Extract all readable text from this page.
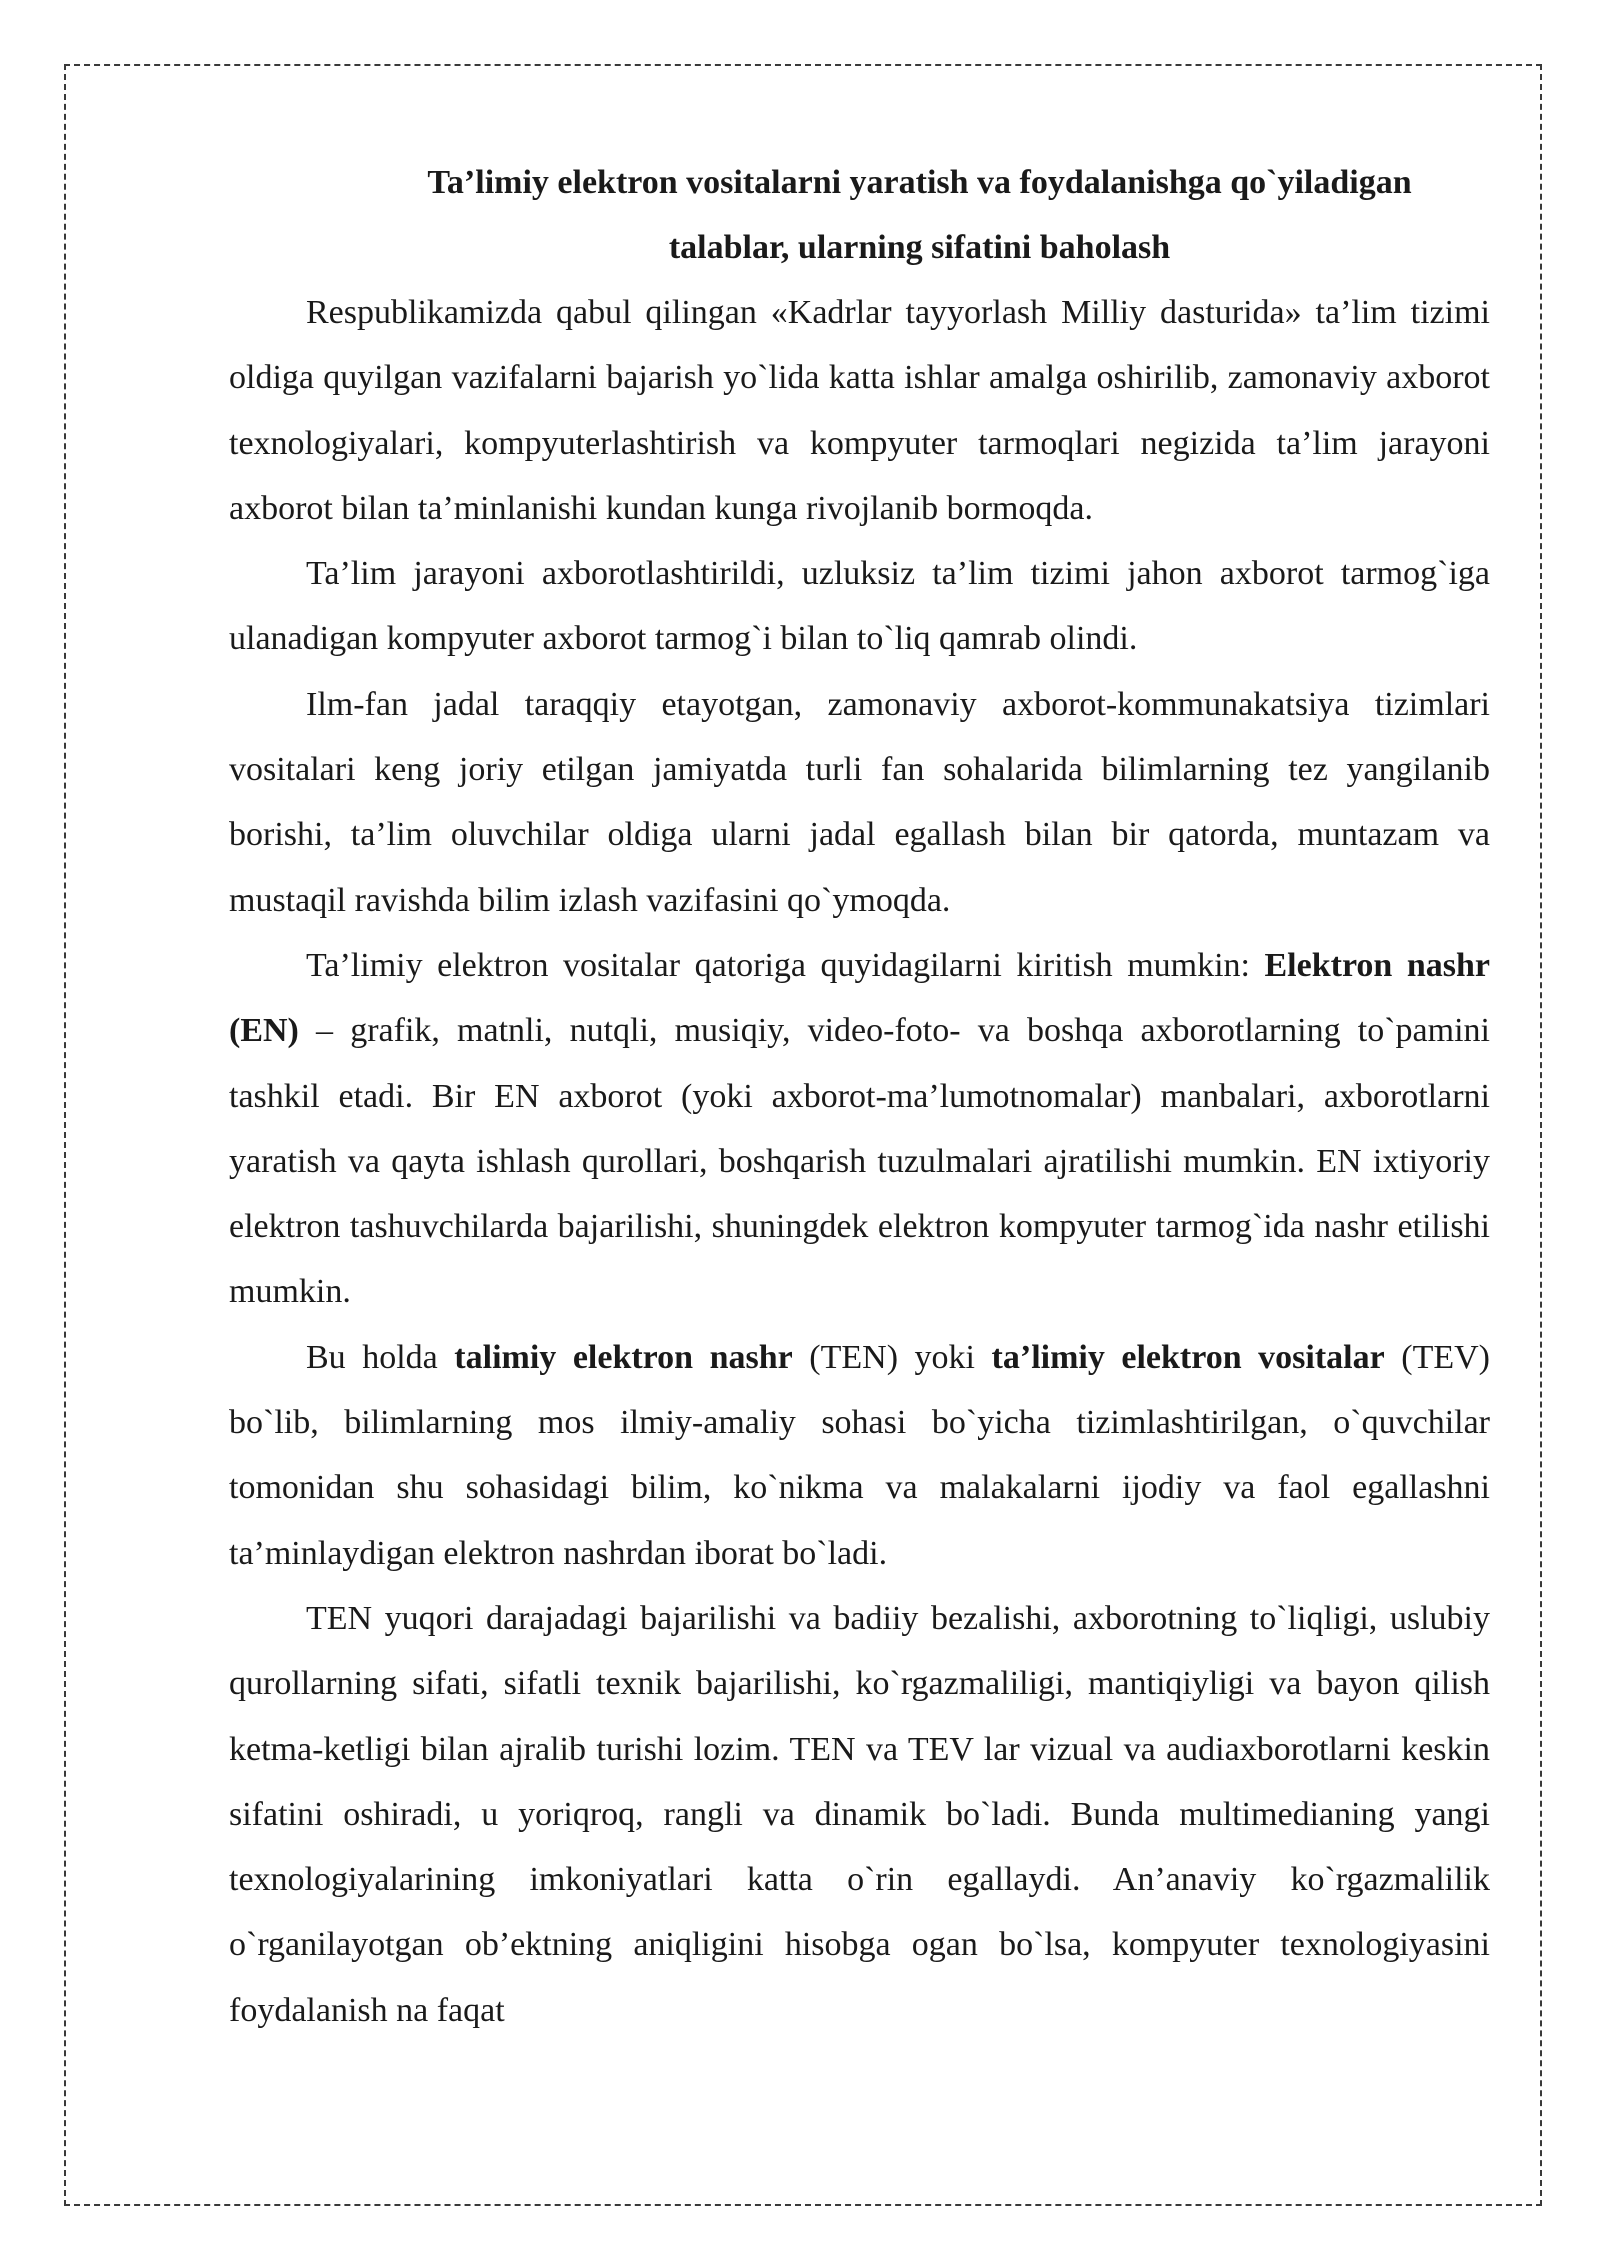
Ta’limiy elektron vositalarni yaratish va foydalanishga qo`yiladigan
talablar, ularning sifatini baholash

Respublikamizda qabul qilingan «Kadrlar tayyorlash Milliy dasturida» ta’lim tizimi oldiga quyilgan vazifalarni bajarish yo`lida katta ishlar amalga oshirilib, zamonaviy axborot texnologiyalari, kompyuterlashtirish va kompyuter tarmoqlari negizida ta’lim jarayoni axborot bilan ta’minlanishi kundan kunga rivojlanib bormoqda.

Ta’lim jarayoni axborotlashtirildi, uzluksiz ta’lim tizimi jahon axborot tarmog`iga ulanadigan kompyuter axborot tarmog`i bilan to`liq qamrab olindi.

Ilm-fan jadal taraqqiy etayotgan, zamonaviy axborot-kommunakatsiya tizimlari vositalari keng joriy etilgan jamiyatda turli fan sohalarida bilimlarning tez yangilanib borishi, ta’lim oluvchilar oldiga ularni jadal egallash bilan bir qatorda, muntazam va mustaqil ravishda bilim izlash vazifasini qo`ymoqda.

Ta’limiy elektron vositalar qatoriga quyidagilarni kiritish mumkin: Elektron nashr (EN) – grafik, matnli, nutqli, musiqiy, video-foto- va boshqa axborotlarning to`pamini tashkil etadi. Bir EN axborot (yoki axborot-ma’lumotnomalar) manbalari, axborotlarni yaratish va qayta ishlash qurollari, boshqarish tuzulmalari ajratilishi mumkin. EN ixtiyoriy elektron tashuvchilarda bajarilishi, shuningdek elektron kompyuter tarmog`ida nashr etilishi mumkin.

Bu holda talimiy elektron nashr (TEN) yoki ta’limiy elektron vositalar (TEV) bo`lib, bilimlarning mos ilmiy-amaliy sohasi bo`yicha tizimlashtirilgan, o`quvchilar tomonidan shu sohasidagi bilim, ko`nikma va malakalarni ijodiy va faol egallashni ta’minlaydigan elektron nashrdan iborat bo`ladi.

TEN yuqori darajadagi bajarilishi va badiiy bezalishi, axborotning to`liqligi, uslubiy qurollarning sifati, sifatli texnik bajarilishi, ko`rgazmaliligi, mantiqiyligi va bayon qilish ketma-ketligi bilan ajralib turishi lozim. TEN va TEV lar vizual va audiaxborotlarni keskin sifatini oshiradi, u yoriqroq, rangli va dinamik bo`ladi. Bunda multimedianing yangi texnologiyalarining imkoniyatlari katta o`rin egallaydi. An’anaviy ko`rgazmalilik o`rganilayotgan ob’ektning aniqligini hisobga ogan bo`lsa, kompyuter texnologiyasini foydalanish na faqat
